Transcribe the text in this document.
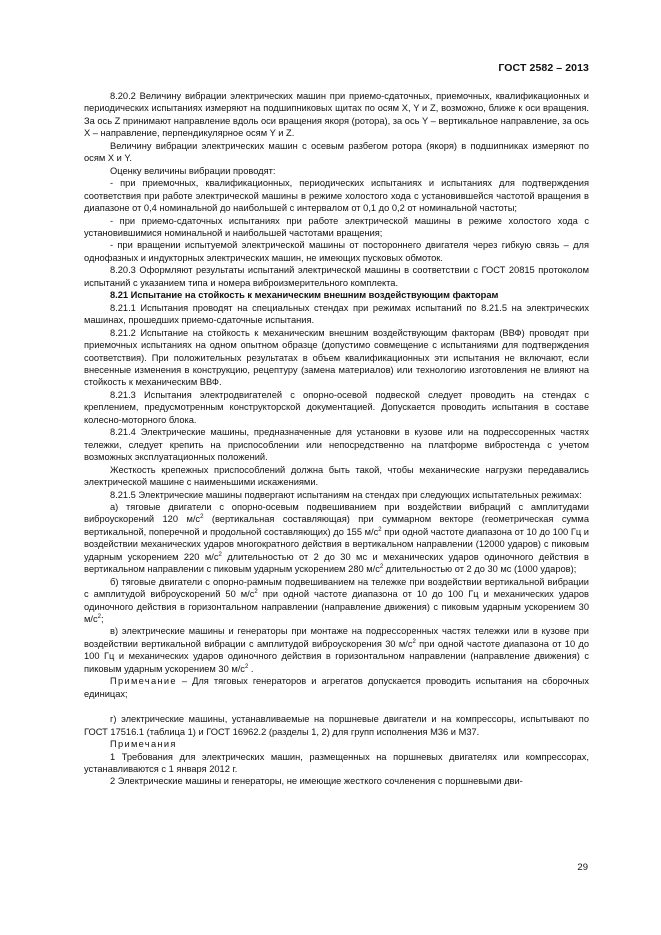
ГОСТ 2582 – 2013

8.20.2 Величину вибрации электрических машин при приемо-сдаточных, приемочных, квалификационных и периодических испытаниях измеряют на подшипниковых щитах по осям X, Y и Z, возможно, ближе к оси вращения. За ось Z принимают направление вдоль оси вращения якоря (ротора), за ось Y – вертикальное направление, за ось X – направление, перпендикулярное осям Y и Z.

Величину вибрации электрических машин с осевым разбегом ротора (якоря) в подшипниках измеряют по осям X и Y.

Оценку величины вибрации проводят:

- при приемочных, квалификационных, периодических испытаниях и испытаниях для подтверждения соответствия при работе электрической машины в режиме холостого хода с установившейся частотой вращения в диапазоне от 0,4 номинальной до наибольшей с интервалом от 0,1 до 0,2 от номинальной частоты;

- при приемо-сдаточных испытаниях при работе электрической машины в режиме холостого хода с установившимися номинальной и наибольшей частотами вращения;

- при вращении испытуемой электрической машины от постороннего двигателя через гибкую связь – для однофазных и индукторных электрических машин, не имеющих пусковых обмоток.

8.20.3 Оформляют результаты испытаний электрической машины в соответствии с ГОСТ 20815 протоколом испытаний с указанием типа и номера виброизмерительного комплекта.

8.21 Испытание на стойкость к механическим внешним воздействующим факторам

8.21.1 Испытания проводят на специальных стендах при режимах испытаний по 8.21.5 на электрических машинах, прошедших приемо-сдаточные испытания.

8.21.2 Испытание на стойкость к механическим внешним воздействующим факторам (ВВФ) проводят при приемочных испытаниях на одном опытном образце (допустимо совмещение с испытаниями для подтверждения соответствия). При положительных результатах в объем квалификационных эти испытания не включают, если внесенные изменения в конструкцию, рецептуру (замена материалов) или технологию изготовления не влияют на стойкость к механическим ВВФ.

8.21.3 Испытания электродвигателей с опорно-осевой подвеской следует проводить на стендах с креплением, предусмотренным конструкторской документацией. Допускается проводить испытания в составе колесно-моторного блока.

8.21.4 Электрические машины, предназначенные для установки в кузове или на подрессоренных частях тележки, следует крепить на приспособлении или непосредственно на платформе вибростенда с учетом возможных эксплуатационных положений.

Жесткость крепежных приспособлений должна быть такой, чтобы механические нагрузки передавались электрической машине с наименьшими искажениями.

8.21.5 Электрические машины подвергают испытаниям на стендах при следующих испытательных режимах:

а) тяговые двигатели с опорно-осевым подвешиванием при воздействии вибраций с амплитудами виброускорений 120 $м/с^2$ (вертикальная составляющая) при суммарном векторе (геометрическая сумма вертикальной, поперечной и продольной составляющих) до 155 $м/с^2$ при одной частоте диапазона от 10 до 100 Гц и воздействии механических ударов многократного действия в вертикальном направлении (12000 ударов) с пиковым ударным ускорением 220 $м/с^2$ длительностью от 2 до 30 мс и механических ударов одиночного действия в вертикальном направлении с пиковым ударным ускорением 280 $м/с^2$ длительностью от 2 до 30 мс (1000 ударов);

б) тяговые двигатели с опорно-рамным подвешиванием на тележке при воздействии вертикальной вибрации с амплитудой виброускорений 50 $м/с^2$ при одной частоте диапазона от 10 до 100 Гц и механических ударов одиночного действия в горизонтальном направлении (направление движения) с пиковым ударным ускорением 30 $м/с^2$;

в) электрические машины и генераторы при монтаже на подрессоренных частях тележки или в кузове при воздействии вертикальной вибрации с амплитудой виброускорения 30 $м/с^2$ при одной частоте диапазона от 10 до 100 Гц и механических ударов одиночного действия в горизонтальном направлении (направление движения) с пиковым ударным ускорением 30 $м/с^2$ .

Примечание – Для тяговых генераторов и агрегатов допускается проводить испытания на сборочных единицах;

г) электрические машины, устанавливаемые на поршневые двигатели и на компрессоры, испытывают по ГОСТ 17516.1 (таблица 1) и ГОСТ 16962.2 (разделы 1, 2) для групп исполнения М36 и М37.

Примечания

1 Требования для электрических машин, размещенных на поршневых двигателях или компрессорах, устанавливаются с 1 января 2012 г.

2 Электрические машины и генераторы, не имеющие жесткого сочленения с поршневыми дви-

29
